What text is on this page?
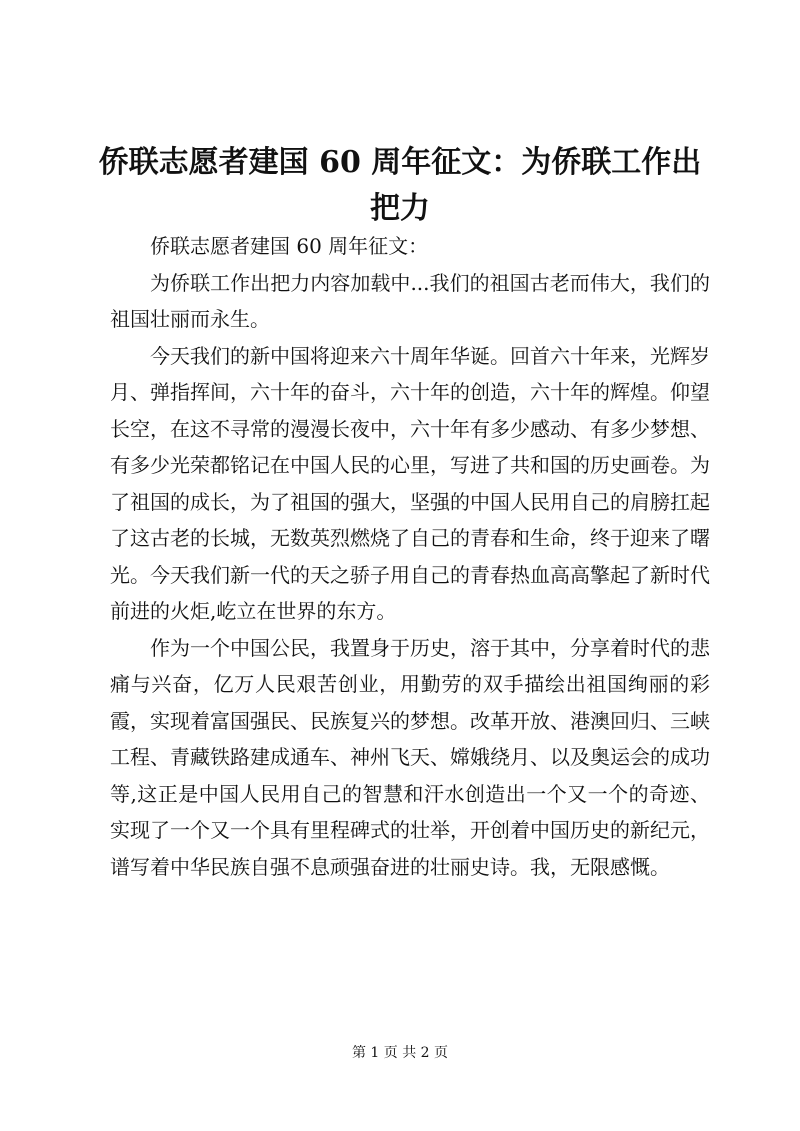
侨联志愿者建国 60 周年征文：为侨联工作出
把力

侨联志愿者建国 60 周年征文：

为侨联工作出把力内容加载中...我们的祖国古老而伟大，我们的祖国壮丽而永生。

今天我们的新中国将迎来六十周年华诞。回首六十年来，光辉岁月、弹指挥间，六十年的奋斗，六十年的创造，六十年的辉煌。仰望长空，在这不寻常的漫漫长夜中，六十年有多少感动、有多少梦想、有多少光荣都铭记在中国人民的心里，写进了共和国的历史画卷。为了祖国的成长，为了祖国的强大，坚强的中国人民用自己的肩膀扛起了这古老的长城，无数英烈燃烧了自己的青春和生命，终于迎来了曙光。今天我们新一代的天之骄子用自己的青春热血高高擎起了新时代前进的火炬,屹立在世界的东方。

作为一个中国公民，我置身于历史，溶于其中，分享着时代的悲痛与兴奋，亿万人民艰苦创业，用勤劳的双手描绘出祖国绚丽的彩霞，实现着富国强民、民族复兴的梦想。改革开放、港澳回归、三峡工程、青藏铁路建成通车、神州飞天、嫦娥绕月、以及奥运会的成功等,这正是中国人民用自己的智慧和汗水创造出一个又一个的奇迹、实现了一个又一个具有里程碑式的壮举，开创着中国历史的新纪元，谱写着中华民族自强不息顽强奋进的壮丽史诗。我，无限感慨。

第 1 页 共 2 页
